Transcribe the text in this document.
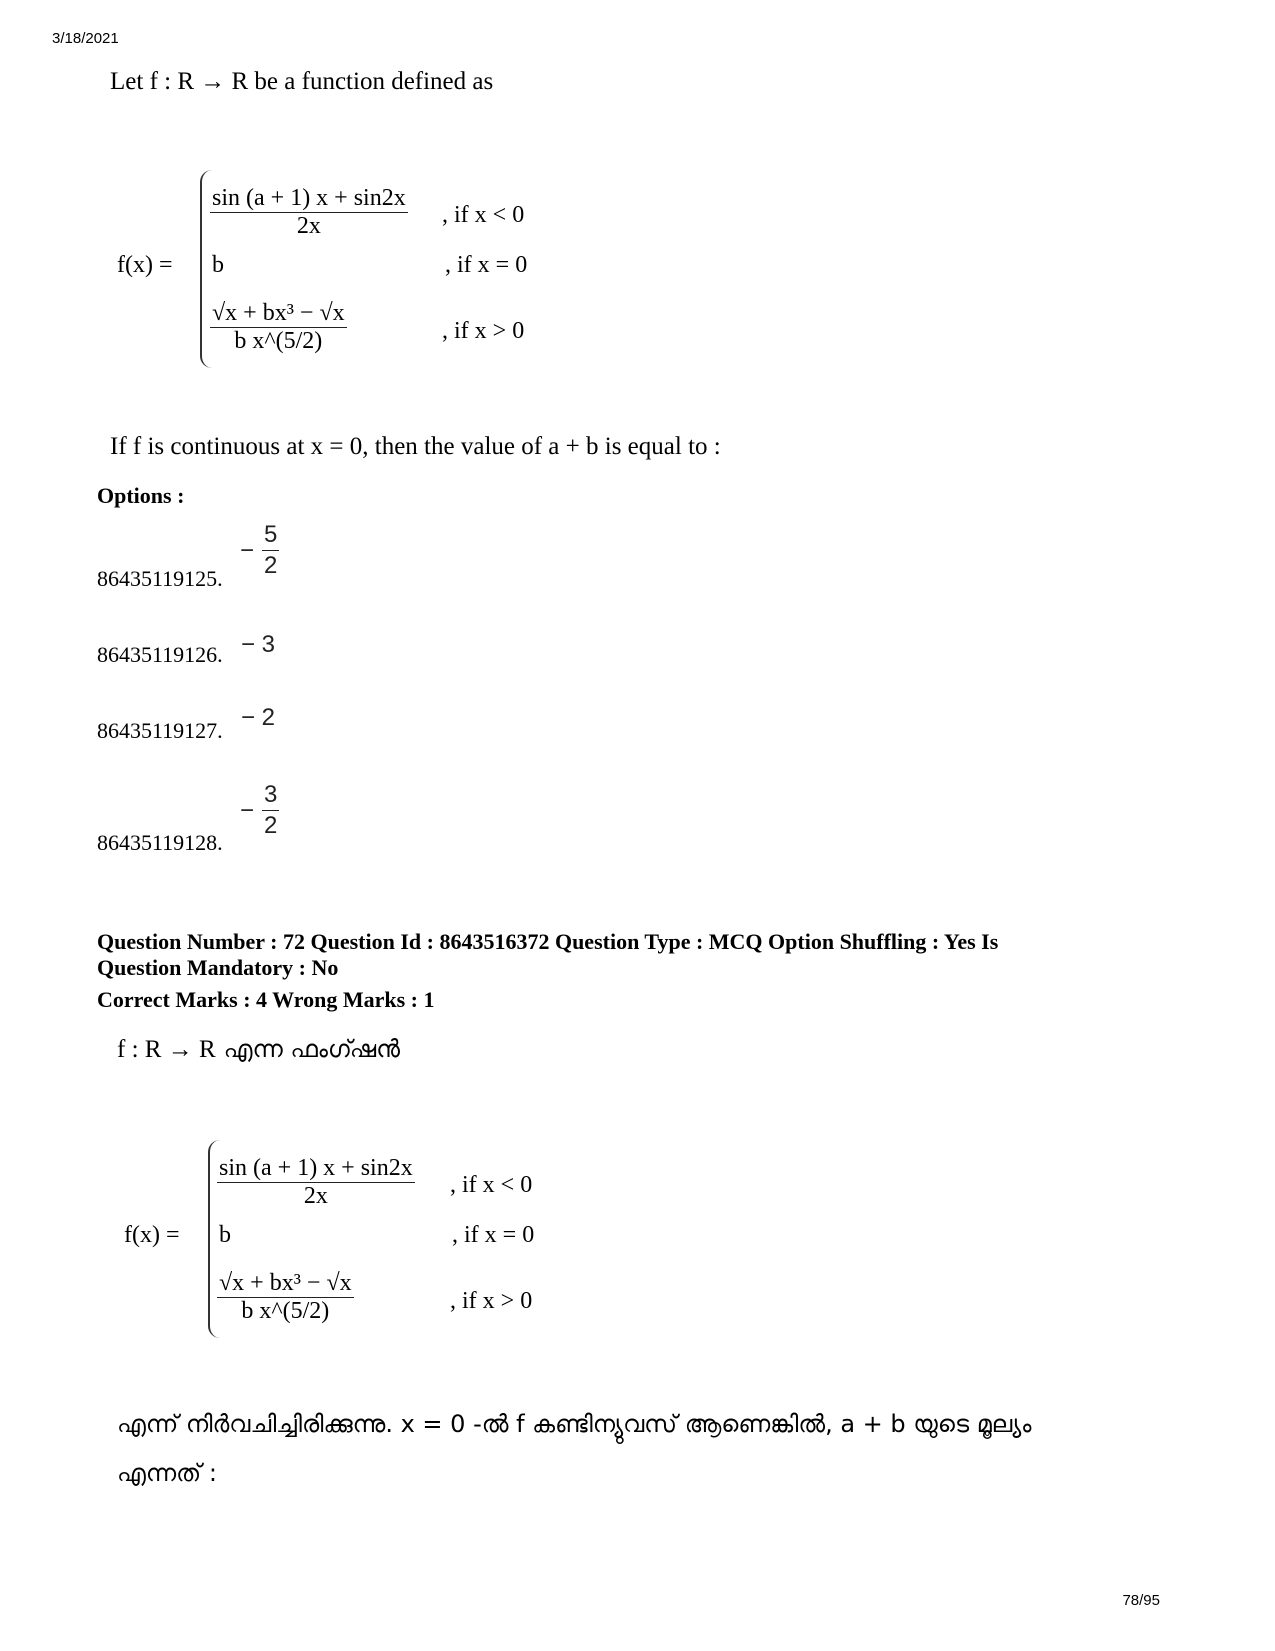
3/18/2021
Let f : R → R be a function defined as
f(x) =
$\frac{\sin (a + 1) x + \sin 2x}{2x}$ , if x < 0
b	, if x = 0
$\frac{\text{√x + bx³ − √x}}{\text{b x\textasciicircum{}(5/2)}}$	, if x > 0
If f is continuous at x = 0, then the value of a + b is equal to :
Options :
86435119125.
− $\frac{5}{2}$
86435119126. − 3
86435119127. − 2
86435119128.
− $\frac{3}{2}$
Question Number : 72 Question Id : 8643516372 Question Type : MCQ Option Shuffling : Yes Is
Question Mandatory : No
Correct Marks : 4 Wrong Marks : 1
f : R → R എന്ന ഫംഗ്ഷൻ
f(x) =
$\frac{\sin (a + 1) x + \sin 2x}{2x}$ , if x < 0
b	, if x = 0
$\frac{\text{√x + bx³ − √x}}{\text{b x\textasciicircum{}(5/2)}}$	, if x > 0
എന്ന് നിർവചിച്ചിരിക്കുന്നു. x = 0 -ൽ f കണ്ടിന്യുവസ് ആണെങ്കിൽ, a + b യുടെ മൂല്യം
എന്നത് :
78/95
